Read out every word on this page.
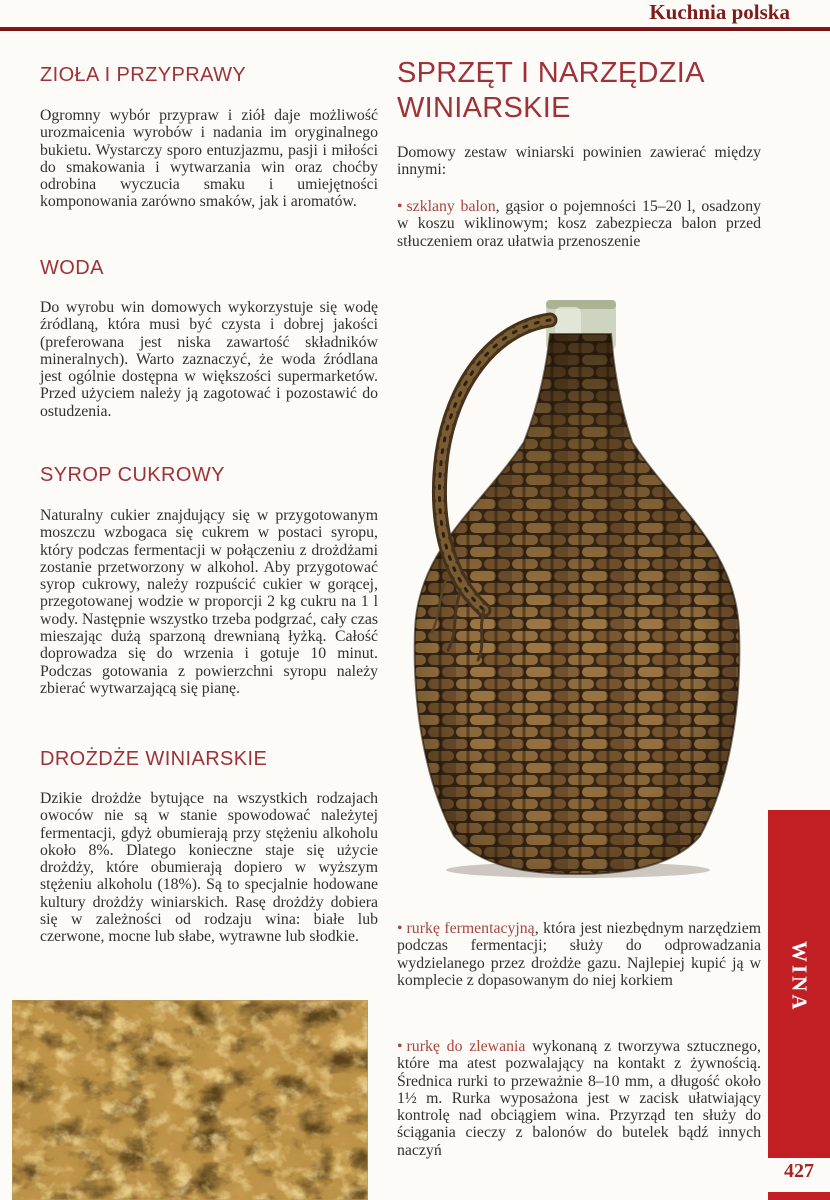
Kuchnia polska
ZIOŁA I PRZYPRAWY

Ogromny wybór przypraw i ziół daje możliwość urozmaicenia wyrobów i nadania im oryginalnego bukietu. Wystarczy sporo entuzjazmu, pasji i miłości do smakowania i wytwarzania win oraz choćby odrobina wyczucia smaku i umiejętności komponowania zarówno smaków, jak i aromatów.

WODA

Do wyrobu win domowych wykorzystuje się wodę źródlaną, która musi być czysta i dobrej jakości (preferowana jest niska zawartość składników mineralnych). Warto zaznaczyć, że woda źródlana jest ogólnie dostępna w większości supermarketów. Przed użyciem należy ją zagotować i pozostawić do ostudzenia.

SYROP CUKROWY

Naturalny cukier znajdujący się w przygotowanym moszczu wzbogaca się cukrem w postaci syropu, który podczas fermentacji w połączeniu z drożdżami zostanie przetworzony w alkohol. Aby przygotować syrop cukrowy, należy rozpuścić cukier w gorącej, przegotowanej wodzie w proporcji 2 kg cukru na 1 l wody. Następnie wszystko trzeba podgrzać, cały czas mieszając dużą sparzoną drewnianą łyżką. Całość doprowadza się do wrzenia i gotuje 10 minut. Podczas gotowania z powierzchni syropu należy zbierać wytwarzającą się pianę.

DROŻDŻE WINIARSKIE

Dzikie drożdże bytujące na wszystkich rodzajach owoców nie są w stanie spowodować należytej fermentacji, gdyż obumierają przy stężeniu alkoholu około 8%. Dlatego konieczne staje się użycie drożdży, które obumierają dopiero w wyższym stężeniu alkoholu (18%). Są to specjalnie hodowane kultury drożdży winiarskich. Rasę drożdży dobiera się w zależności od rodzaju wina: białe lub czerwone, mocne lub słabe, wytrawne lub słodkie.

SPRZĘT I NARZĘDZIA WINIARSKIE

Domowy zestaw winiarski powinien zawierać między innymi:

• szklany balon, gąsior o pojemności 15–20 l, osadzony w koszu wiklinowym; kosz zabezpiecza balon przed stłuczeniem oraz ułatwia przenoszenie

• rurkę fermentacyjną, która jest niezbędnym narzędziem podczas fermentacji; służy do odprowadzania wydzielanego przez drożdże gazu. Najlepiej kupić ją w komplecie z dopasowanym do niej korkiem

• rurkę do zlewania wykonaną z tworzywa sztucznego, które ma atest pozwalający na kontakt z żywnością. Średnica rurki to przeważnie 8–10 mm, a długość około 1½ m. Rurka wyposażona jest w zacisk ułatwiający kontrolę nad obciągiem wina. Przyrząd ten służy do ściągania cieczy z balonów do butelek bądź innych naczyń

WINA
427
